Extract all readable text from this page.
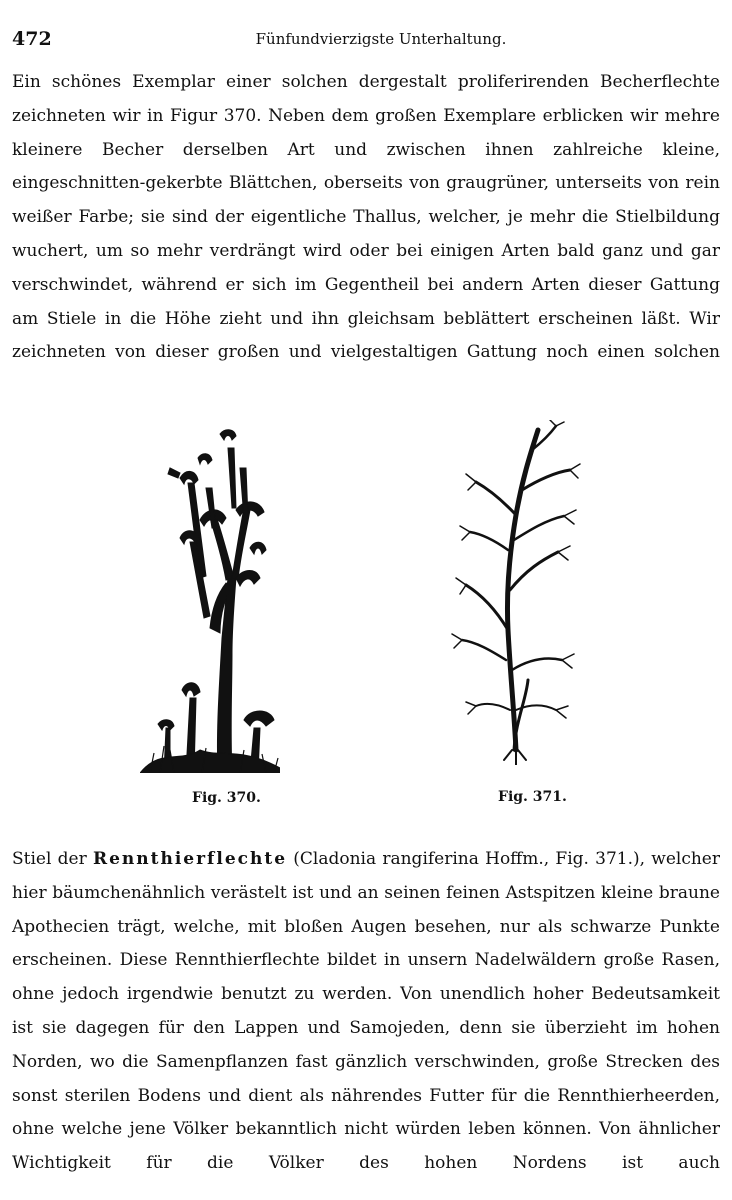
472	Fünfundvierzigste Unterhaltung.

Ein schönes Exemplar einer solchen dergestalt proliferirenden Becherflechte zeichneten wir in Figur 370. Neben dem großen Exemplare erblicken wir mehre kleinere Becher derselben Art und zwischen ihnen zahlreiche kleine, eingeschnitten-gekerbte Blättchen, oberseits von graugrüner, unterseits von rein weißer Farbe; sie sind der eigentliche Thallus, welcher, je mehr die Stielbildung wuchert, um so mehr verdrängt wird oder bei einigen Arten bald ganz und gar verschwindet, während er sich im Gegentheil bei andern Arten dieser Gattung am Stiele in die Höhe zieht und ihn gleichsam beblättert erscheinen läßt. Wir zeichneten von dieser großen und vielgestaltigen Gattung noch einen solchen

Fig. 370.	Fig. 371.

Stiel der Rennthierflechte (Cladonia rangiferina Hoffm., Fig. 371.), welcher hier bäumchenähnlich verästelt ist und an seinen feinen Astspitzen kleine braune Apothecien trägt, welche, mit bloßen Augen besehen, nur als schwarze Punkte erscheinen. Diese Rennthierflechte bildet in unsern Nadelwäldern große Rasen, ohne jedoch irgendwie benutzt zu werden. Von unendlich hoher Bedeutsamkeit ist sie dagegen für den Lappen und Samojeden, denn sie überzieht im hohen Norden, wo die Samenpflanzen fast gänzlich verschwinden, große Strecken des sonst sterilen Bodens und dient als nährendes Futter für die Rennthierheerden, ohne welche jene Völker bekanntlich nicht würden leben können. Von ähnlicher Wichtigkeit für die Völker des hohen Nordens ist auch
